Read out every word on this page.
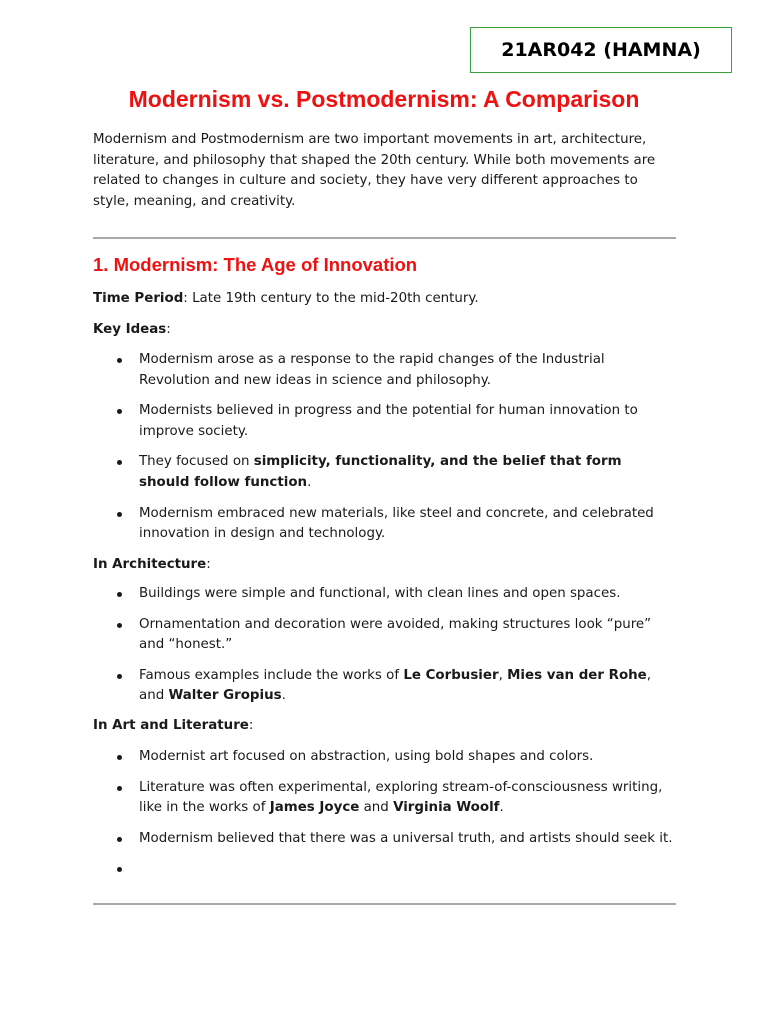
21AR042 (HAMNA)
Modernism vs. Postmodernism: A Comparison

Modernism and Postmodernism are two important movements in art, architecture, literature, and philosophy that shaped the 20th century. While both movements are related to changes in culture and society, they have very different approaches to style, meaning, and creativity.

1. Modernism: The Age of Innovation

Time Period: Late 19th century to the mid-20th century.

Key Ideas:

Modernism arose as a response to the rapid changes of the Industrial Revolution and new ideas in science and philosophy.
Modernists believed in progress and the potential for human innovation to improve society.
They focused on simplicity, functionality, and the belief that form should follow function.
Modernism embraced new materials, like steel and concrete, and celebrated innovation in design and technology.

In Architecture:

Buildings were simple and functional, with clean lines and open spaces.
Ornamentation and decoration were avoided, making structures look “pure” and “honest.”
Famous examples include the works of Le Corbusier, Mies van der Rohe, and Walter Gropius.

In Art and Literature:

Modernist art focused on abstraction, using bold shapes and colors.
Literature was often experimental, exploring stream-of-consciousness writing, like in the works of James Joyce and Virginia Woolf.
Modernism believed that there was a universal truth, and artists should seek it.
